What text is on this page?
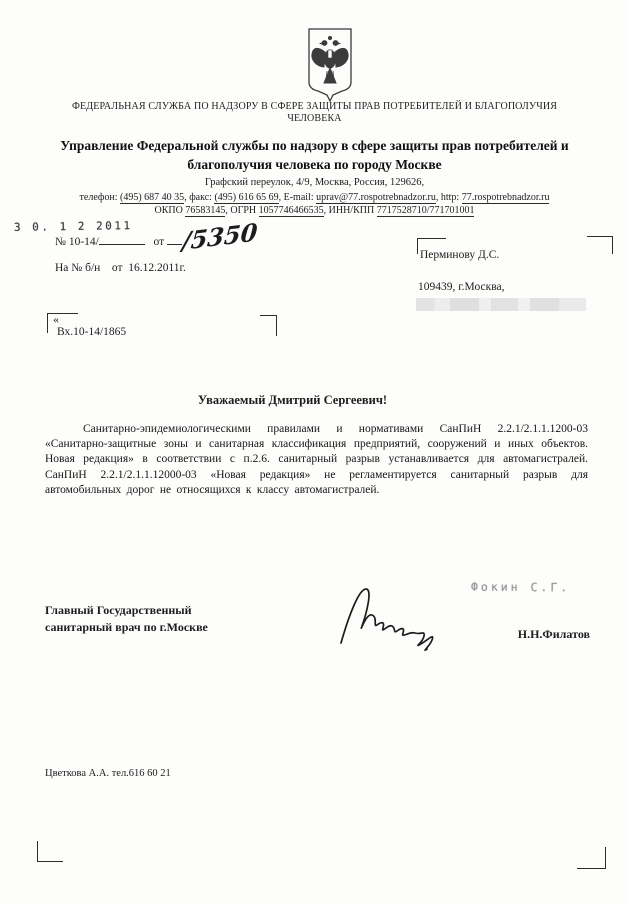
ФЕДЕРАЛЬНАЯ СЛУЖБА ПО НАДЗОРУ В СФЕРЕ ЗАЩИТЫ ПРАВ ПОТРЕБИТЕЛЕЙ И БЛАГОПОЛУЧИЯ
ЧЕЛОВЕКА
Управление Федеральной службы по надзору в сфере защиты прав потребителей и
благополучия человека по городу Москве
Графский переулок, 4/9, Москва, Россия, 129626,
телефон: (495) 687 40 35, факс: (495) 616 65 69, E-mail: uprav@77.rospotrebnadzor.ru, http: 77.rospotrebnadzor.ru
ОКПО 76583145, ОГРН 1057746466535, ИНН/КПП 7717528710/771701001
3 0. 1 2 2011
№ 10-14/	от /5350
На № б/н от 16.12.2011г.
Перминову Д.С.
109439, г.Москва,
«
Вх.10-14/1865
Уважаемый Дмитрий Сергеевич!
Санитарно-эпидемиологическими правилами и нормативами СанПиН 2.2.1/2.1.1.1200-03 «Санитарно-защитные зоны и санитарная классификация предприятий, сооружений и иных объектов. Новая редакция» в соответствии с п.2.6. санитарный разрыв устанавливается для автомагистралей. СанПиН 2.2.1/2.1.1.12000-03 «Новая редакция» не регламентируется санитарный разрыв для автомобильных дорог не относящихся к классу автомагистралей.
Фокин С.Г.
Главный Государственный
санитарный врач по г.Москве	Н.Н.Филатов
Цветкова А.А. тел.616 60 21
